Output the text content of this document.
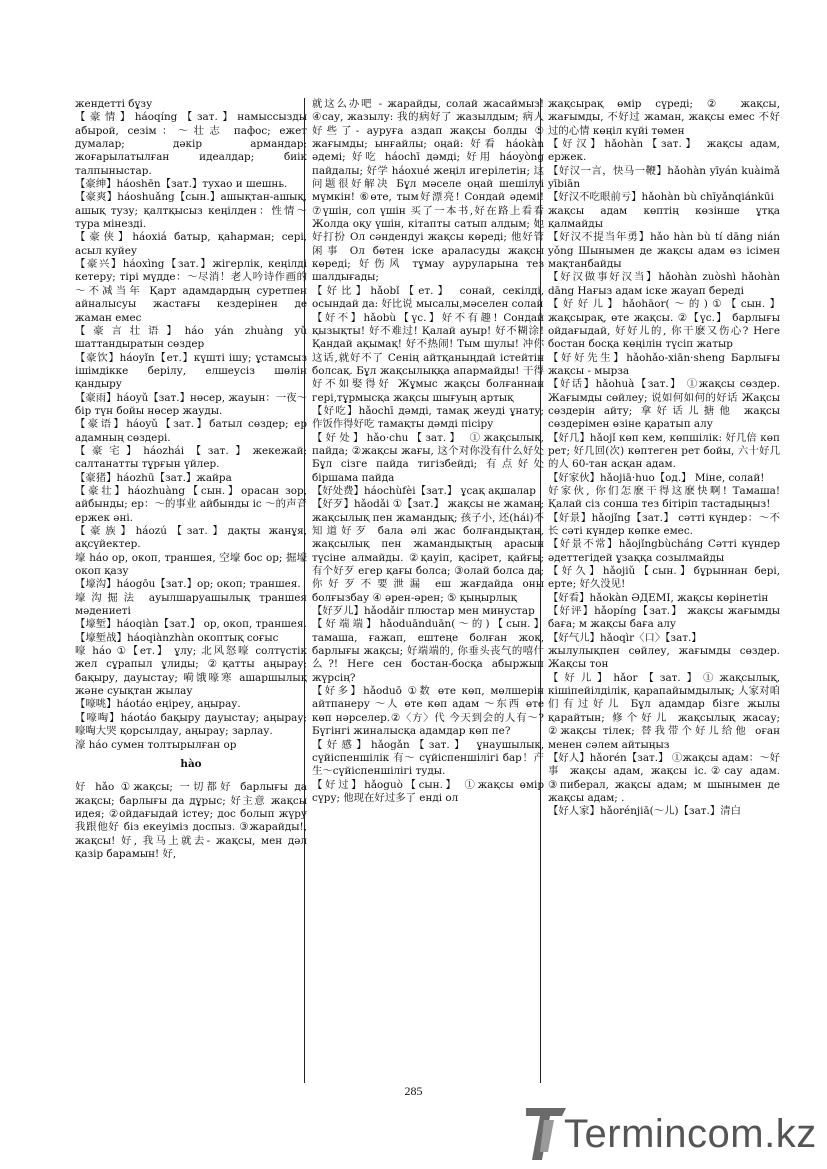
жендеттi бұзу

【豪情】háoqíng【зат.】намыссызды абырой, сезiм：～壮志 пафос; ежет думалар; дəкiр армандар; жоғарылатылған идеалдар; биiк талпыныстар.

【豪绅】háoshēn【зат.】тухао и шешнь.

【豪爽】háoshuǎng【сын.】ашықтан-ашық, ашық тузу; қалтқысыз кеңiлден：性情～ тура мiнездi.

【豪侠】háoxiá батыр, қаһарман; серi, асыл куйеу

【豪兴】háoxìng【зат.】жiгерлiк, кеңiлдi кетеру; тiрi мүдде：～尽消！老人吟诗作画的～不减当年 Қарт адамдардың суретпен айналысуы жастағы кездерiнен де жаман емес

【豪言壮语】háo yán zhuàng yǔ шаттандыратын сөздер

【豪饮】háoyǐn【ет.】күштi iшу; ұстамсыз iшiмдiкке берiлу, елшеусiз шөлiн қандыру

【豪雨】háoyǔ【зат.】нөсер, жауын：一夜～бiр түн бойы нөсер жауды.

【豪语】háoyǔ【зат.】батыл сөздер; ер адамның сөздерi.

【豪宅】háozhái【зат.】жекежай; салтанатты тұрғын үйлер.

【豪猪】háozhū【зат.】жайра

【豪壮】háozhuàng【сын.】орасан зор, айбынды; ер：～的事业 айбынды iс ～的声音 ержек əнi.

【豪族】háozú【зат.】дақты жанұя, ақсүйектер.

壕 háo ор, окоп, траншея, 空壕 бос ор; 掘壕 окоп қазу

【壕沟】háogōu【зат.】ор; окоп; траншея.

壕沟掘法 ауылшаруашылық траншея мəдениетi

【壕堑】háoqiàn【зат.】 ор, окоп, траншея.

【壕堑战】háoqiànzhàn окоптық соғыс

嚎 háo ①【ет.】 ұлу; 北风怒嚎 солтүстiк жел сұрапыл ұлиды; ②қатты аңырау; бақыру, дауыстау; 嗬饿嚎寒 ашаршылық жəне суықтан жылау

【嚎咷】háotáo еңiреу, аңырау.

【嚎啕】háotáo бақыру дауыстау; аңырау; 嚎啕大哭 қорсылдау, аңырау; зарлау.

濠 háo сумен толтырылған ор

hào

好 hǎo ①жақсы; 一切都好 барлығы да жақсы; барлығы да дұрыс; 好主意 жақсы идея; ②ойдағыдай iстеу; дос болып жүру 我跟他好 бiз екеуiмiз доспыз. ③жарайды!, жақсы! 好, 我马上就去- жақсы, мен дəл қазiр барамын! 好,

就这么办吧 - жарайды, солай жасаймыз! ④сау, жазылу: 我的病好了 жазылдым; 病人好些了- ауруға аздап жақсы болды ⑤ жағымды; ынғайлы; оңай: 好看 háokàn əдемi; 好吃 háochī дəмдi; 好用 háoyòng пайдалы; 好学 háoxué жеңiл игерiлетiн; 这问题很好解决 Бұл мəселе оңай шешiлуi мүмкiн! ⑥өте, тым好漂亮! Сондай əдемi! ⑦үшiн, сол үшiн 买了一本书,好在路上看看 Жолда оқу үшiн, кiтапты сатып алдым; 她好打扮 Ол сəндендуi жақсы көредi; 他好管闲事 Ол бөтен iске араласуды жақсы көредi; 好伤风 тұмау ауруларына тез шалдығады;

【好比】hǎobǐ【ет.】 сонай, секiлдi, осындай да: 好比说 мысалы,мəселен солай

【好不】hǎobù【үс.】好不有趣! Сондай қызықты! 好不难过! Қалай ауыр! 好不糊涂! Қандай ақымақ! 好不热闹! Тым шулы! 冲你这话,就好不了 Сенiң айтқаныңдай iстейтiн болсақ. Бұл жақсылыққа апармайды! 干得好不如娶得好 Жұмыс жақсы болғаннан герi,тұрмысқа жақсы шығуың артық

【好吃】hǎochī дəмдi, тамақ жеудi ұнату; 作饭作得好吃 тамақты дəмдi пiсiру

【好处】hǎo·chu【зат.】 ①жақсылық, пайда; ②жақсы жағы, 这个对你没有什么好处 Бұл сiзге пайда тигiзбейдi; 有点好处 бiршама пайда

【好处费】háochùfèi【зат.】 ұсақ ақшалар

【好歹】hǎodǎi ①【зат.】 жақсы не жаман; жақсылық пен жамандық; 孩子小, 还(hái)不知道好歹 бала əлi жас болғандықтан, жақсылық пен жамандықтың арасын түсiне алмайды. ②қауiп, қасiрет, қайғы; 有个好歹 егер қағы болса; ③олай болса да; 你好歹不要泄漏 еш жағдайда оны болғызбау ④ əрен-əрен; ⑤ қыңырлық

【好歹儿】hǎodǎir плюстар мен минустар

【好端端】hǎoduānduān(～的)【сын.】 тамаша, ғажап, ештеңе болған жоқ, барлығы жақсы; 好端端的, 你垂头丧气的嘻什么?! Неге сен бостан-босқа абыржып жүрсiң?

【好多】hǎoduō ①数 өте көп, мөлшерiн айтпанеру ～人 өте көп адам ～东西 өте көп нəрселер.②〈方〉代 今天到会的人有～? Бүгiнгi жиналысқа адамдар көп пе?

【好感】hǎogǎn【зат.】 ұнаушылық, сүйiспеншiлiк 有～ сүйiспеншiлiгi бар！产生～сүйiспеншiлiгi туды.

【好过】hǎoguò【сын.】 ①жақсы өмiр сүру; 他现在好过多了 ендi ол

жақсырақ өмiр сүредi; ② жақсы, жағымды, 不好过 жаман, жақсы емес 不好过的心情 көңiл күйi төмен

【好汉】hǎohàn【зат.】 жақсы адам, ержек.

【好汉一言，快马一鞭】hǎohàn yīyán kuàimǎ yībiān

【好汉不吃眼前亏】hǎohàn bù chīyǎnqiánkūi

жақсы адам көптiң көзiнше ұтқа қалмайды

【好汉不提当年勇】hǎo hàn bù tí dāng nián yǒng Шынымен де жақсы адам өз iсiмен мақтанбайды

【好汉做事好汉当】hǎohàn zuòshì hǎohàn dāng Нағыз адам iске жауап бередi

【好好儿】hǎohāor(～的)①【сын.】 жақсырақ, өте жақсы. ②【үс.】 барлығы ойдағыдай, 好好儿的, 你干麽又伤心? Неге бостан босқа көңiлiн түсiп жатыр

【好好先生】hǎohǎo-xiān·sheng Барлығы жақсы - мырза

【好话】hǎohuà【зат.】 ①жақсы сөздер. Жағымды сөйлеу; 说如何如何的好话 Жақсы сөздерiн айту; 拿好话儿搪他 жақсы сөздерiмен өзiне қаратып алу

【好几】hǎojǐ көп кем, көпшiлiк: 好几倍 көп рет; 好几回(次) көптеген рет бойы, 六十好几的人 60-тан асқан адам.

【好家伙】hǎojiā·huo【од.】 Мiне, солай!

好家伙, 你们怎麽干得这麽快啊! Тамаша! Қалай сiз сонша тез бiтiрiп тастадыңыз!

【好景】hǎojǐng【зат.】 сəттi күндер：～不长 сəтi күндер көпке емес.

【好景不常】hǎojǐngbùcháng Сəттi күндер əдеттегiдей ұзаққа созылмайды

【好久】hǎojiǔ【сын.】бұрыннан берi, ерте; 好久没见!

【好看】hǎokàn ƏДЕМI, жақсы көрiнетiн

【好评】hǎopíng【зат.】 жақсы жағымды баға; м жақсы баға алу

【好气儿】hǎoqìr〈口〉【зат.】

жылулықпен сөйлеу, жағымды сөздер. Жақсы тон

【好儿】hǎor【зат.】①жақсылық, кiшiпейiлдiлiк, қарапайымдылық; 人家对咱们有过好儿 Бұл адамдар бiзге жылы қарайтын; 修个好儿 жақсылық жасау; ②жақсы тiлек; 替我带个好儿给他 оған менен сəлем айтыңыз

【好人】hǎorén【зат.】 ①жақсы адам：～好事 жақсы адам, жақсы iс.②сау адам. ③пиберал, жақсы адам; м шынымен де жақсы адам; .

【好人家】hǎorénjiā(～儿)【зат.】清白

285
Termincom.kz
